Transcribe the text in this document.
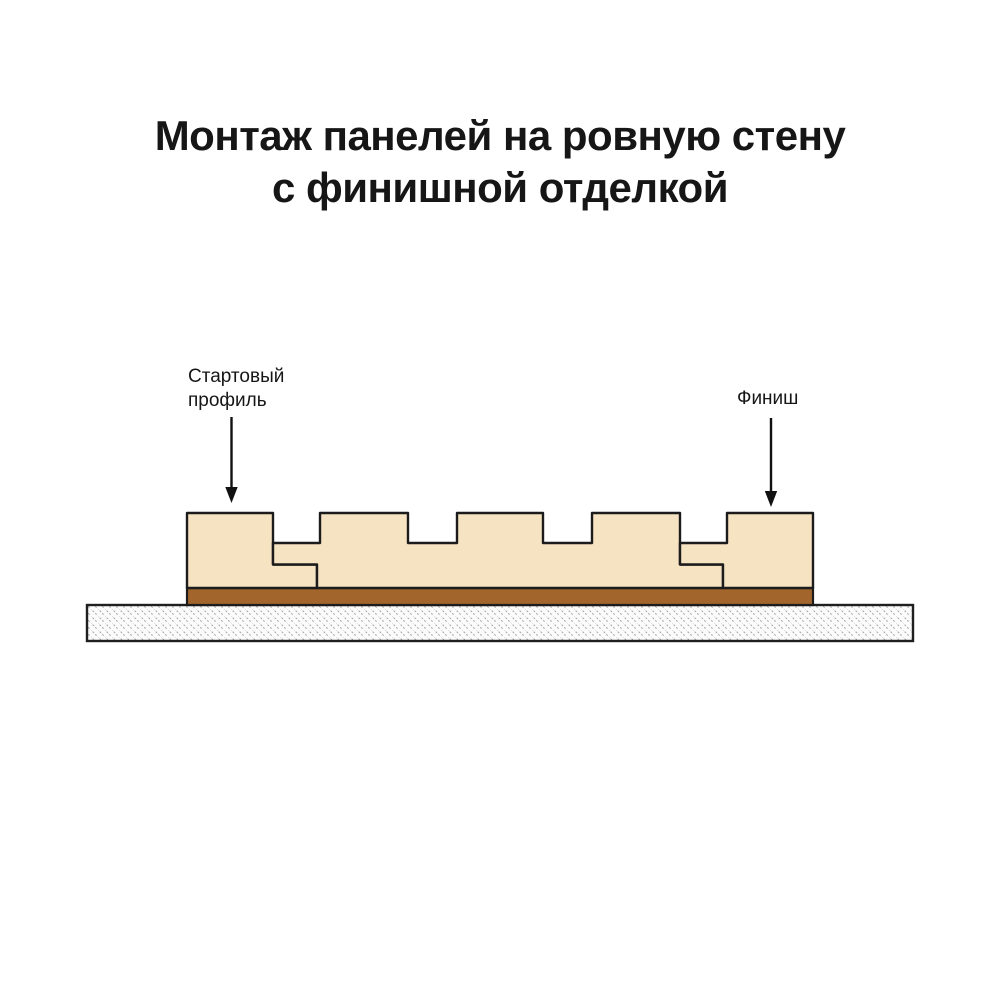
Монтаж панелей на ровную стену
с финишной отделкой
Стартовый
профиль	Финиш
